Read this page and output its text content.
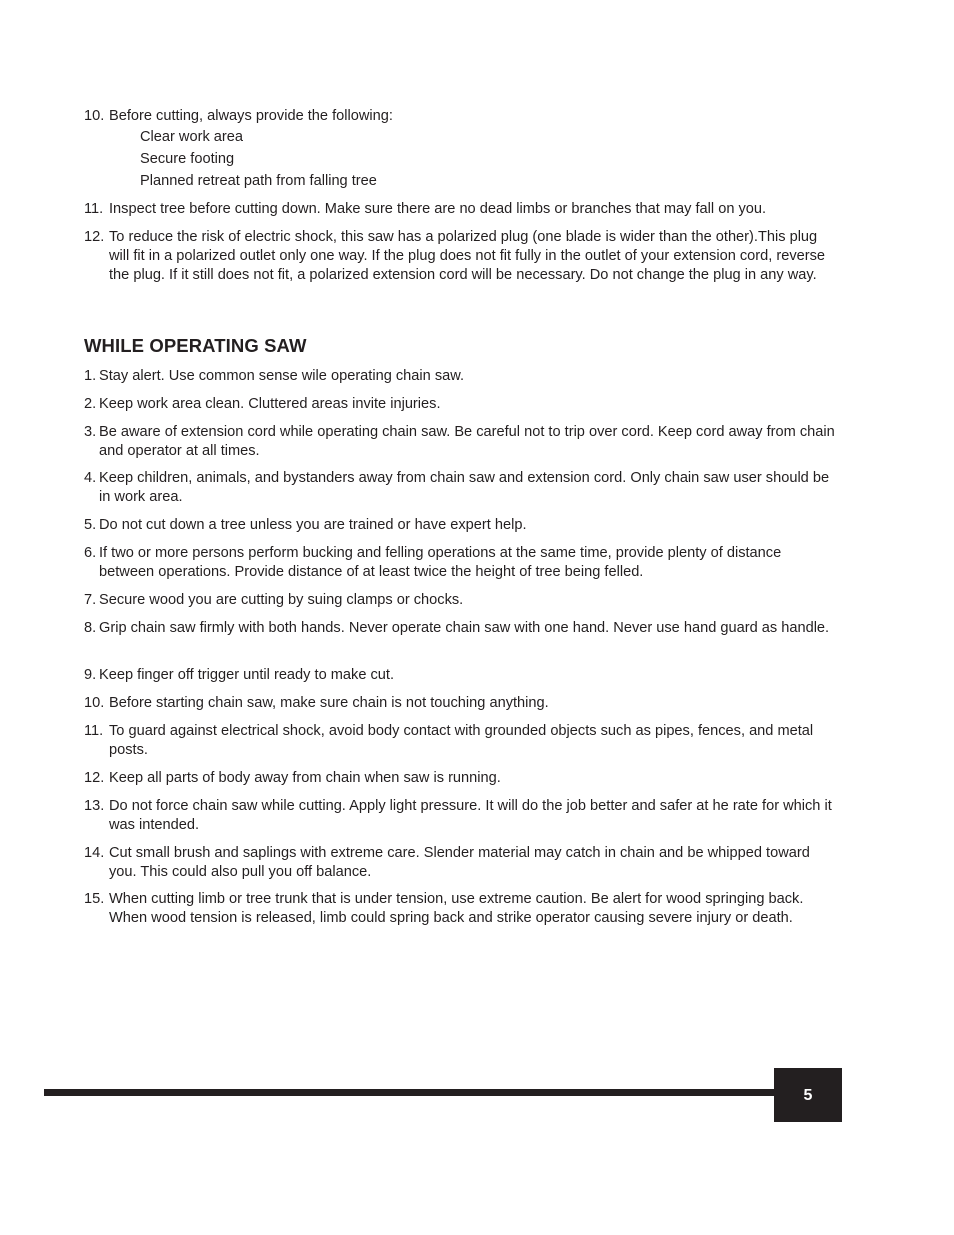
10. Before cutting, always provide the following:
Clear work area
Secure footing
Planned retreat path from falling tree
11. Inspect tree before cutting down. Make sure there are no dead limbs or branches that may fall on you.
12. To reduce the risk of electric shock, this saw has a polarized plug (one blade is wider than the other).This plug will fit in a polarized outlet only one way. If the plug does not fit fully in the outlet of your extension cord, reverse the plug. If it still does not fit, a polarized extension cord will be necessary. Do not change the plug in any way.
WHILE OPERATING SAW
1. Stay alert. Use common sense wile operating chain saw.
2. Keep work area clean. Cluttered areas invite injuries.
3. Be aware of extension cord while operating chain saw. Be careful not to trip over cord. Keep cord away from chain and operator at all times.
4. Keep children, animals, and bystanders away from chain saw and extension cord. Only chain saw user should be in work area.
5. Do not cut down a tree unless you are trained or have expert help.
6. If two or more persons perform bucking and felling operations at the same time, provide plenty of distance between operations. Provide distance of at least twice the height of tree being felled.
7. Secure wood you are cutting by suing clamps or chocks.
8. Grip chain saw firmly with both hands. Never operate chain saw with one hand. Never use hand guard as handle.
9. Keep finger off trigger until ready to make cut.
10. Before starting chain saw, make sure chain is not touching anything.
11. To guard against electrical shock, avoid body contact with grounded objects such as pipes, fences, and metal posts.
12. Keep all parts of body away from chain when saw is running.
13. Do not force chain saw while cutting. Apply light pressure. It will do the job better and safer at he rate for which it was intended.
14. Cut small brush and saplings with extreme care. Slender material may catch in chain and be whipped toward you. This could also pull you off balance.
15. When cutting limb or tree trunk that is under tension, use extreme caution. Be alert for wood springing back. When wood tension is released, limb could spring back and strike operator causing severe injury or death.
5
